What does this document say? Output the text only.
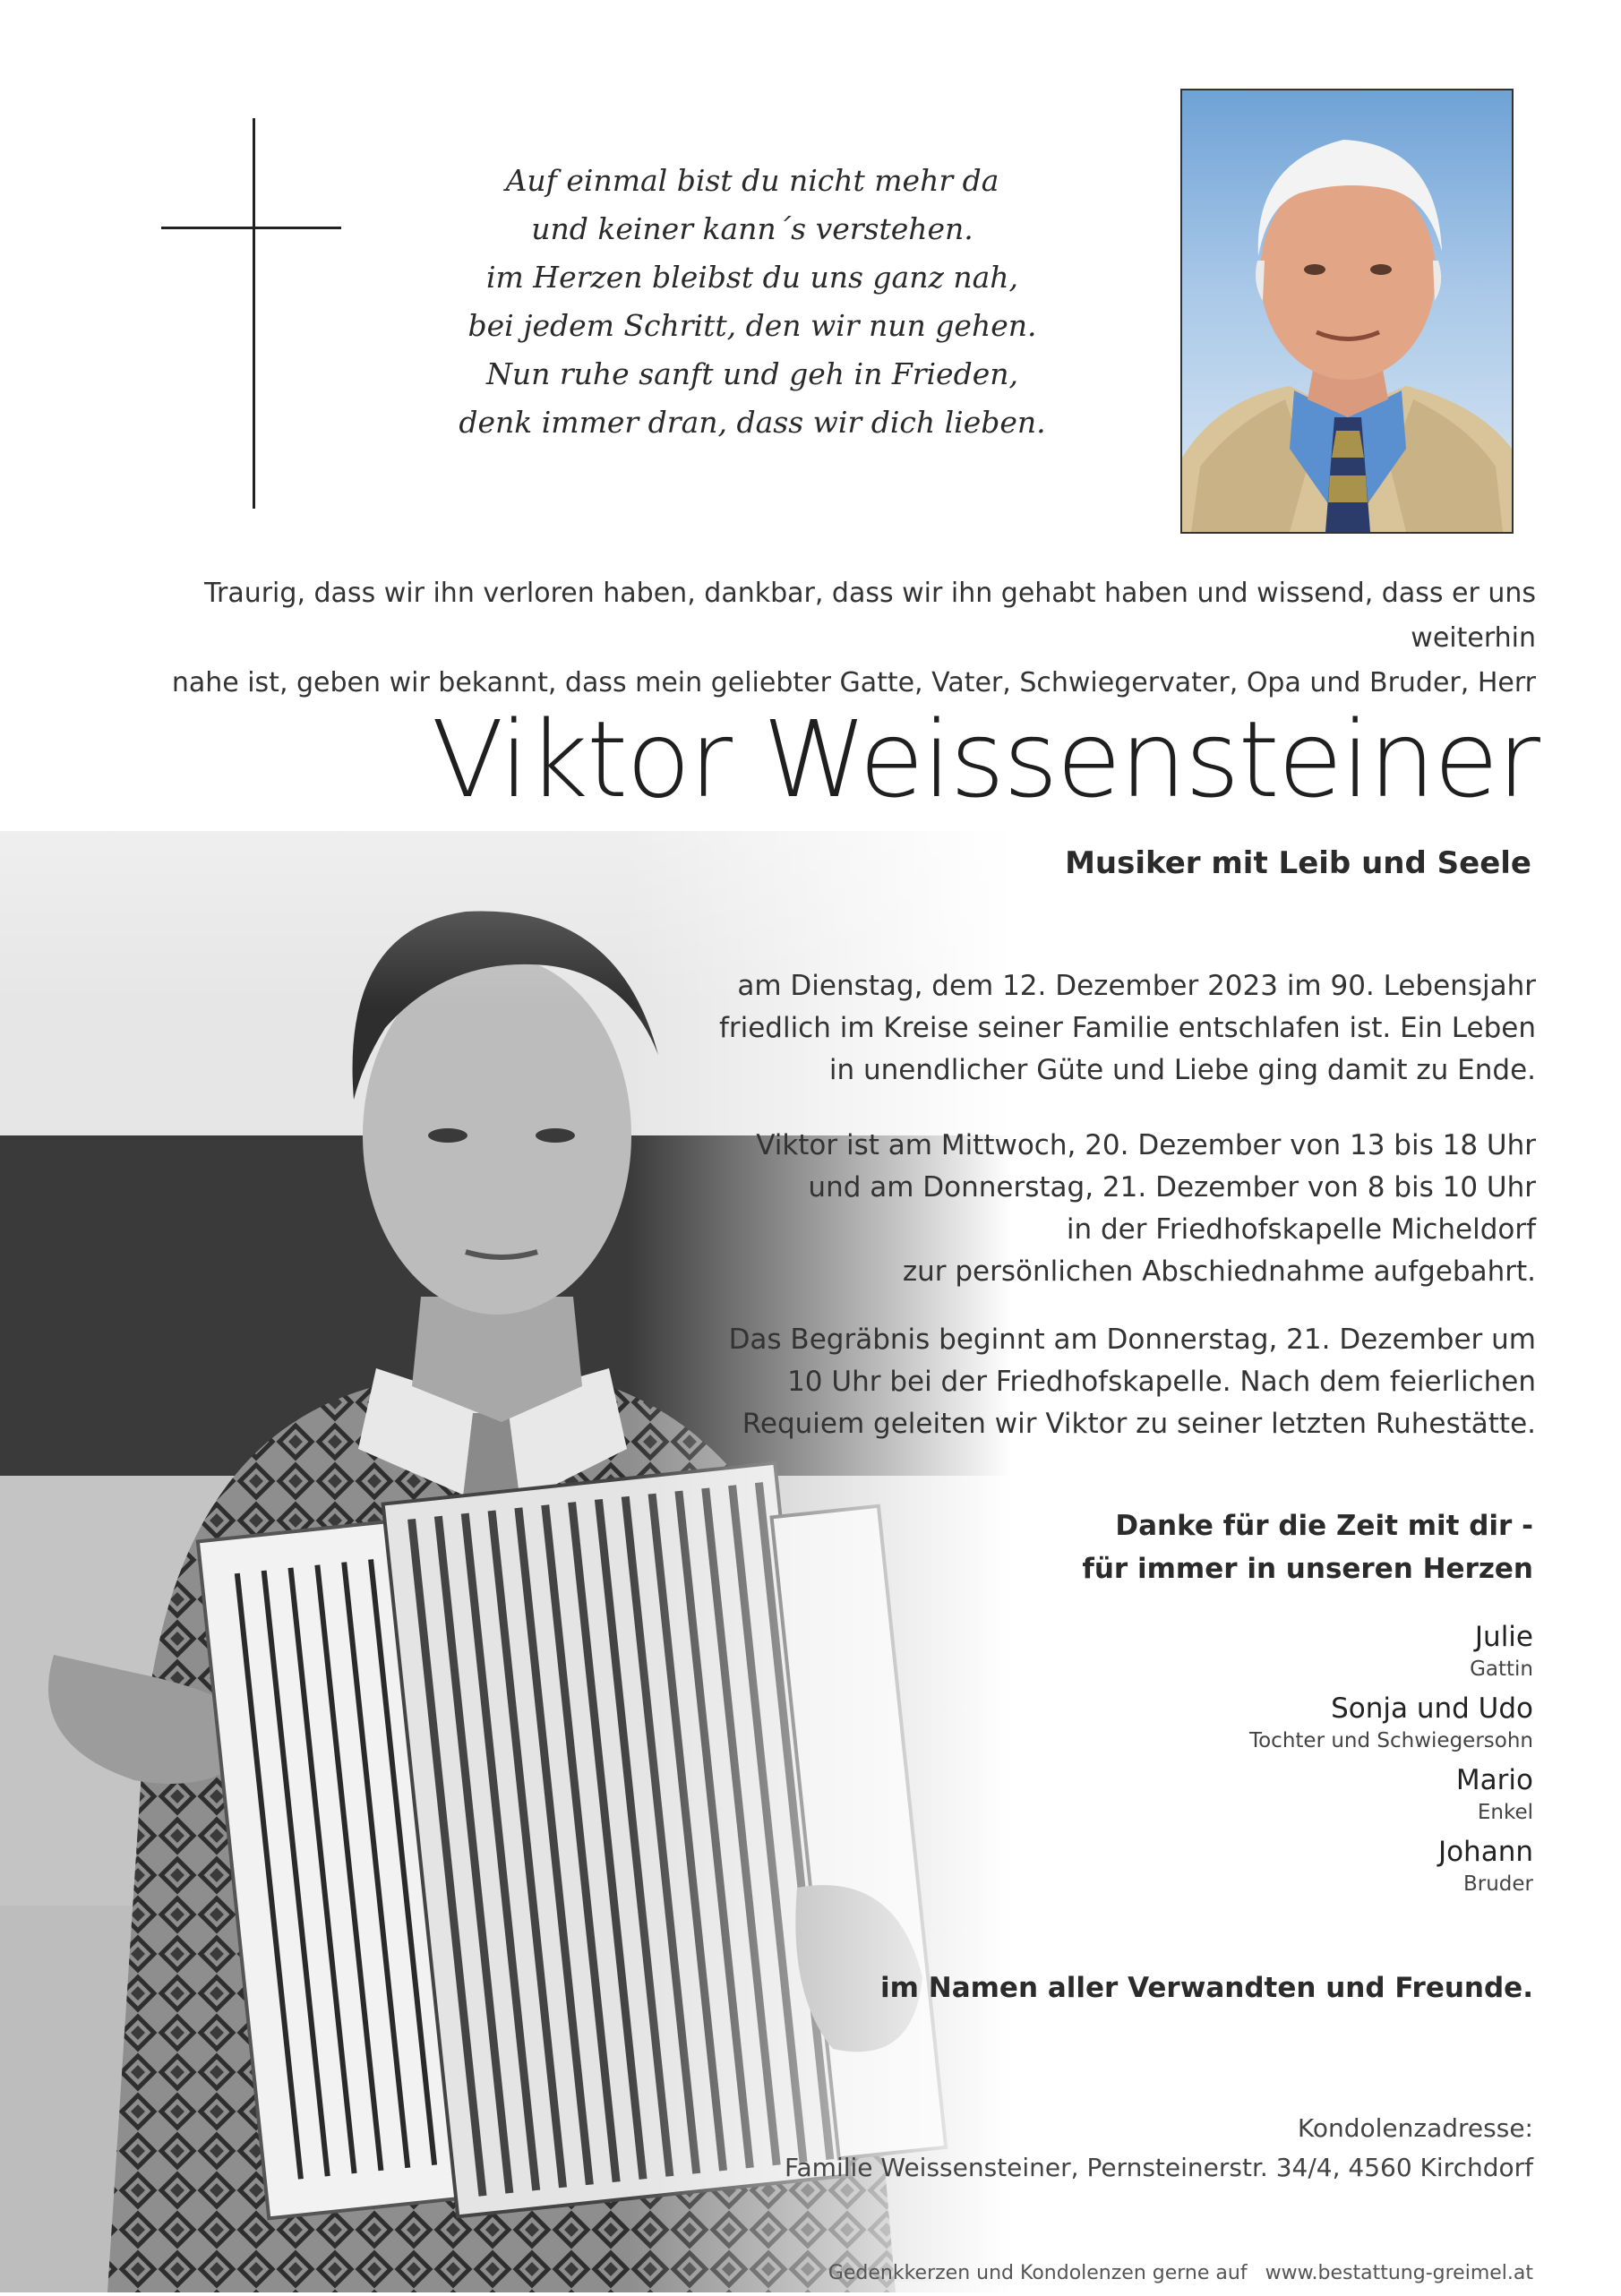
Auf einmal bist du nicht mehr da
und keiner kann´s verstehen.
im Herzen bleibst du uns ganz nah,
bei jedem Schritt, den wir nun gehen.
Nun ruhe sanft und geh in Frieden,
denk immer dran, dass wir dich lieben.
Traurig, dass wir ihn verloren haben, dankbar, dass wir ihn gehabt haben und wissend, dass er uns weiterhin
nahe ist, geben wir bekannt, dass mein geliebter Gatte, Vater, Schwiegervater, Opa und Bruder, Herr
Viktor Weissensteiner
Musiker mit Leib und Seele
am Dienstag, dem 12. Dezember 2023 im 90. Lebensjahr
friedlich im Kreise seiner Familie entschlafen ist. Ein Leben
in unendlicher Güte und Liebe ging damit zu Ende.
Viktor ist am Mittwoch, 20. Dezember von 13 bis 18 Uhr
und am Donnerstag, 21. Dezember von 8 bis 10 Uhr
in der Friedhofskapelle Micheldorf
zur persönlichen Abschiednahme aufgebahrt.
Das Begräbnis beginnt am Donnerstag, 21. Dezember um
10 Uhr bei der Friedhofskapelle. Nach dem feierlichen
Requiem geleiten wir Viktor zu seiner letzten Ruhestätte.
Danke für die Zeit mit dir -
für immer in unseren Herzen
Julie
Gattin
Sonja und Udo
Tochter und Schwiegersohn
Mario
Enkel
Johann
Bruder
im Namen aller Verwandten und Freunde.
Kondolenzadresse:
Familie Weissensteiner, Pernsteinerstr. 34/4, 4560 Kirchdorf
Gedenkkerzen und Kondolenzen gerne auf www.bestattung-greimel.at
